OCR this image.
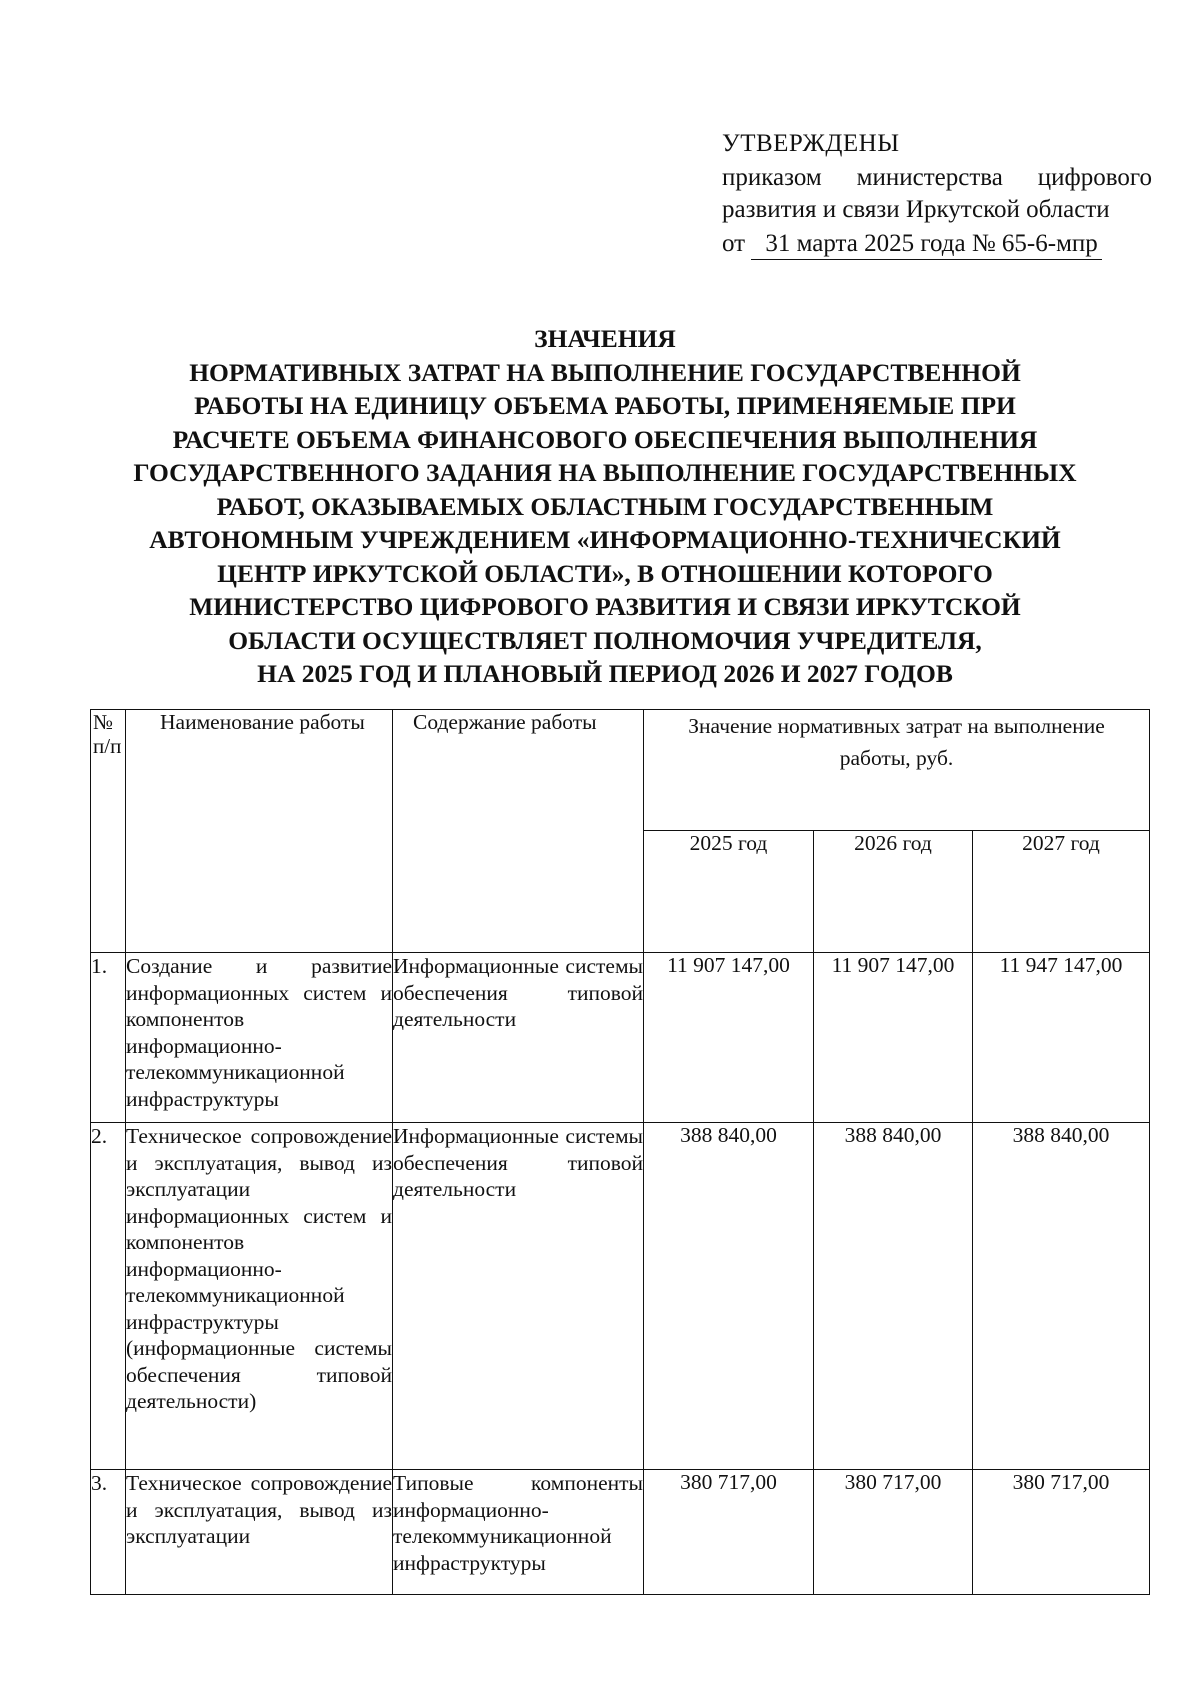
УТВЕРЖДЕНЫ
приказом министерства цифрового развития и связи Иркутской области
от 31 марта 2025 года № 65-6-мпр
ЗНАЧЕНИЯ
НОРМАТИВНЫХ ЗАТРАТ НА ВЫПОЛНЕНИЕ ГОСУДАРСТВЕННОЙ
РАБОТЫ НА ЕДИНИЦУ ОБЪЕМА РАБОТЫ, ПРИМЕНЯЕМЫЕ ПРИ
РАСЧЕТЕ ОБЪЕМА ФИНАНСОВОГО ОБЕСПЕЧЕНИЯ ВЫПОЛНЕНИЯ
ГОСУДАРСТВЕННОГО ЗАДАНИЯ НА ВЫПОЛНЕНИЕ ГОСУДАРСТВЕННЫХ
РАБОТ, ОКАЗЫВАЕМЫХ ОБЛАСТНЫМ ГОСУДАРСТВЕННЫМ
АВТОНОМНЫМ УЧРЕЖДЕНИЕМ «ИНФОРМАЦИОННО-ТЕХНИЧЕСКИЙ
ЦЕНТР ИРКУТСКОЙ ОБЛАСТИ», В ОТНОШЕНИИ КОТОРОГО
МИНИСТЕРСТВО ЦИФРОВОГО РАЗВИТИЯ И СВЯЗИ ИРКУТСКОЙ
ОБЛАСТИ ОСУЩЕСТВЛЯЕТ ПОЛНОМОЧИЯ УЧРЕДИТЕЛЯ,
НА 2025 ГОД И ПЛАНОВЫЙ ПЕРИОД 2026 И 2027 ГОДОВ
№
п/п	Наименование работы	Содержание работы	Значение нормативных затрат на выполнение работы, руб.		
			2025 год	2026 год	2027 год
1.	Создание и развитие информационных систем и компонентов информационно-телекоммуникационной инфраструктуры	Информационные системы обеспечения типовой деятельности	11 907 147,00	11 907 147,00	11 947 147,00
2.	Техническое сопровождение и эксплуатация, вывод из эксплуатации информационных систем и компонентов информационно-телекоммуникационной инфраструктуры (информационные системы обеспечения типовой деятельности)	Информационные системы обеспечения типовой деятельности	388 840,00	388 840,00	388 840,00
3.	Техническое сопровождение и эксплуатация, вывод из эксплуатации	Типовые компоненты информационно-телекоммуникационной инфраструктуры	380 717,00	380 717,00	380 717,00
